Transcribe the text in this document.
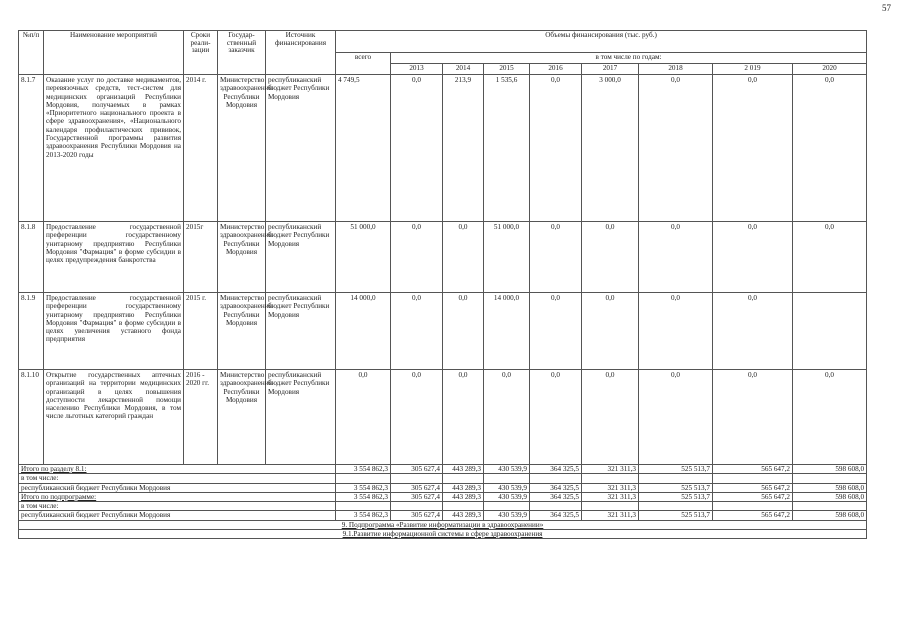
57
№п/п	Наименование мероприятий	Сроки реали-зации	Государ-ственный заказчик	Источник финансирования	Объемы финансирования (тыс. руб.)								
					всего	в том числе по годам:							
						2013	2014	2015	2016	2017	2018	2 019	2020
8.1.7	Оказание услуг по доставке медикаментов, перевязочных средств, тест-систем для медицинских организаций Республики Мордовия, получаемых в рамках «Приоритетного национального проекта в сфере здравоохранения», «Национального календаря профилактических прививок, Государственной программы развития здравоохранения Республики Мордовия на 2013-2020 годы	2014 г.	Министерство здравоохранения Республики Мордовия	республиканский бюджет Республики Мордовия	4 749,5	0,0	213,9	1 535,6	0,0	3 000,0	0,0	0,0	0,0
8.1.8	Предоставление государственной преференции государственному унитарному предприятию Республики Мордовия "Фармация" в форме субсидии в целях предупреждения банкротства	2015г	Министерство здравоохранения Республики Мордовия	республиканский бюджет Республики Мордовия	51 000,0	0,0	0,0	51 000,0	0,0	0,0	0,0	0,0	0,0
8.1.9	Предоставление государственной преференции государственному унитарному предприятию Республики Мордовия "Фармация" в форме субсидии в целях увеличения уставного фонда предприятия	2015 г.	Министерство здравоохранения Республики Мордовия	республиканский бюджет Республики Мордовия	14 000,0	0,0	0,0	14 000,0	0,0	0,0	0,0	0,0	
8.1.10	Открытие государственных аптечных организаций на территории медицинских организаций в целях повышения доступности лекарственной помощи населению Республики Мордовия, в том числе льготных категорий граждан	2016 - 2020 гг.	Министерство здравоохранения Республики Мордовия	республиканский бюджет Республики Мордовия	0,0	0,0	0,0	0,0	0,0	0,0	0,0	0,0	0,0
Итого по разделу 8.1:					3 554 862,3	305 627,4	443 289,3	430 539,9	364 325,5	321 311,3	525 513,7	565 647,2	598 608,0
в том числе:													
республиканский бюджет Республики Мордовия					3 554 862,3	305 627,4	443 289,3	430 539,9	364 325,5	321 311,3	525 513,7	565 647,2	598 608,0
Итого по подпрограмме:					3 554 862,3	305 627,4	443 289,3	430 539,9	364 325,5	321 311,3	525 513,7	565 647,2	598 608,0
в том числе:													
республиканский бюджет Республики Мордовия					3 554 862,3	305 627,4	443 289,3	430 539,9	364 325,5	321 311,3	525 513,7	565 647,2	598 608,0
9. Подпрограмма «Развитие информатизации в здравоохранении»													
9.1.Развитие информационной системы в сфере здравоохранения													
